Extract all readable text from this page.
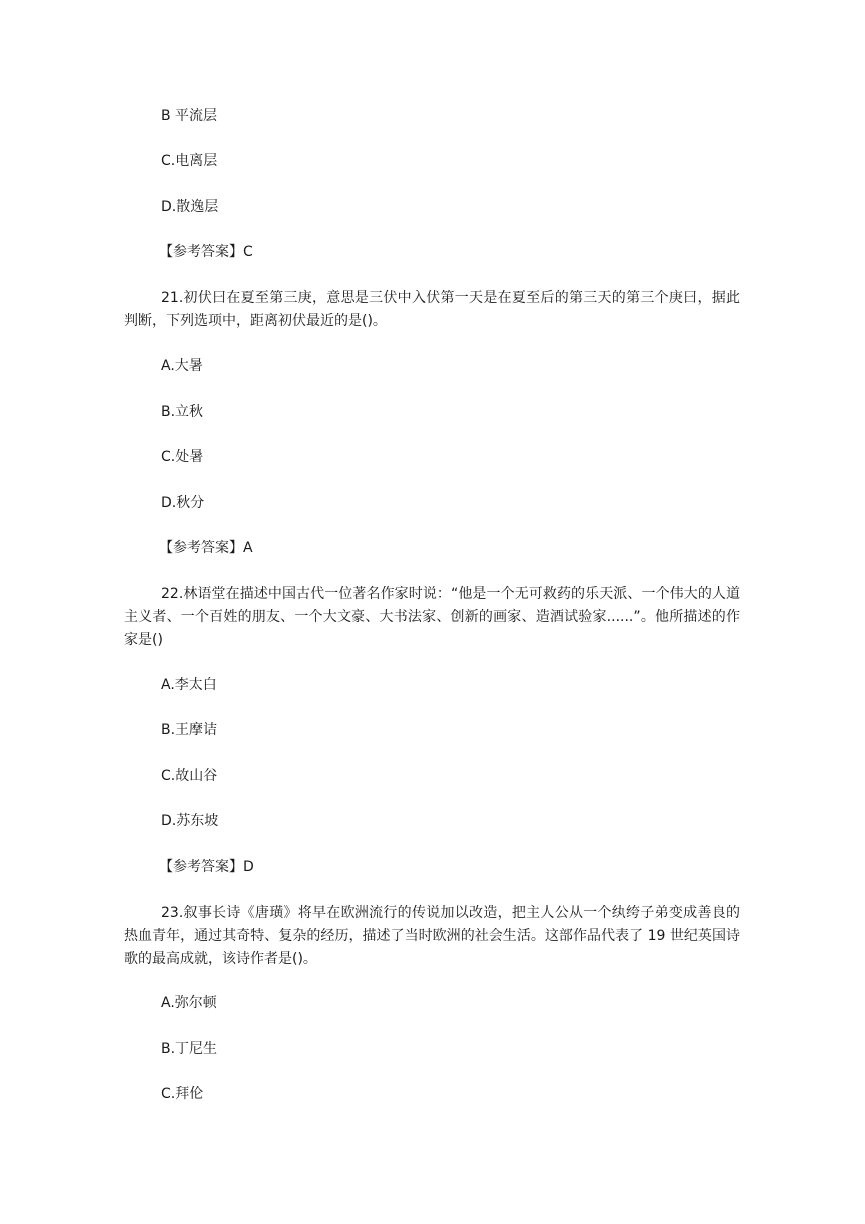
B 平流层
C.电离层
D.散逸层
【参考答案】C
21.初伏曰在夏至第三庚，意思是三伏中入伏第一天是在夏至后的第三天的第三个庚曰，据此判断，下列选项中，距离初伏最近的是()。
A.大暑
B.立秋
C.处暑
D.秋分
【参考答案】A
22.林语堂在描述中国古代一位著名作家时说：“他是一个无可救药的乐天派、一个伟大的人道主义者、一个百姓的朋友、一个大文豪、大书法家、创新的画家、造酒试验家......”。他所描述的作家是()
A.李太白
B.王摩诘
C.故山谷
D.苏东坡
【参考答案】D
23.叙事长诗《唐璜》将早在欧洲流行的传说加以改造，把主人公从一个纨绔子弟变成善良的热血青年，通过其奇特、复杂的经历，描述了当时欧洲的社会生活。这部作品代表了 19 世纪英国诗歌的最高成就，该诗作者是()。
A.弥尔顿
B.丁尼生
C.拜伦
